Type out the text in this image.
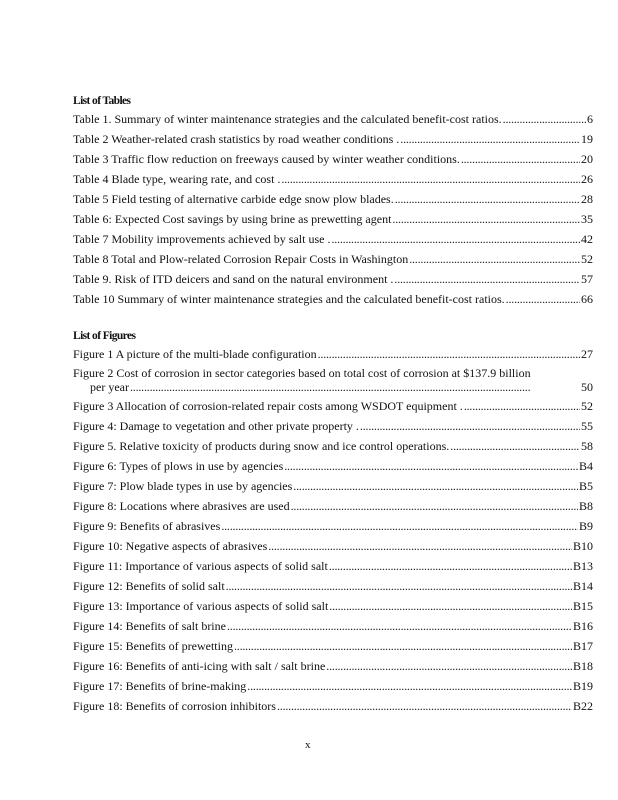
List of Tables
Table 1. Summary of winter maintenance strategies and the calculated benefit-cost ratios. . . .	6
Table 2 Weather-related crash statistics by road weather conditions . . . .	19
Table 3 Traffic flow reduction on freeways caused by winter weather conditions. . . .	20
Table 4 Blade type, wearing rate, and cost . . . .	26
Table 5 Field testing of alternative carbide edge snow plow blades. . . .	28
Table 6: Expected Cost savings by using brine as prewetting agent . . .	35
Table 7 Mobility improvements achieved by salt use . . . .	42
Table 8 Total and Plow-related Corrosion Repair Costs in Washington . . .	52
Table 9. Risk of ITD deicers and sand on the natural environment . . . .	57
Table 10 Summary of winter maintenance strategies and the calculated benefit-cost ratios. . . .	66
List of Figures
Figure 1 A picture of the multi-blade configuration . . .	27
Figure 2 Cost of corrosion in sector categories based on total cost of corrosion at $137.9 billion
per year . . .	50
Figure 3 Allocation of corrosion-related repair costs among WSDOT equipment . . . .	52
Figure 4: Damage to vegetation and other private property . . . .	55
Figure 5. Relative toxicity of products during snow and ice control operations. . . .	58
Figure 6: Types of plows in use by agencies . . .	B4
Figure 7: Plow blade types in use by agencies . . .	B5
Figure 8: Locations where abrasives are used . . .	B8
Figure 9: Benefits of abrasives . . .	B9
Figure 10: Negative aspects of abrasives . . .	B10
Figure 11: Importance of various aspects of solid salt . . .	B13
Figure 12: Benefits of solid salt . . .	B14
Figure 13: Importance of various aspects of solid salt . . .	B15
Figure 14: Benefits of salt brine . . .	B16
Figure 15: Benefits of prewetting . . .	B17
Figure 16: Benefits of anti-icing with salt / salt brine . . .	B18
Figure 17: Benefits of brine-making . . .	B19
Figure 18: Benefits of corrosion inhibitors . . .	B22
x
